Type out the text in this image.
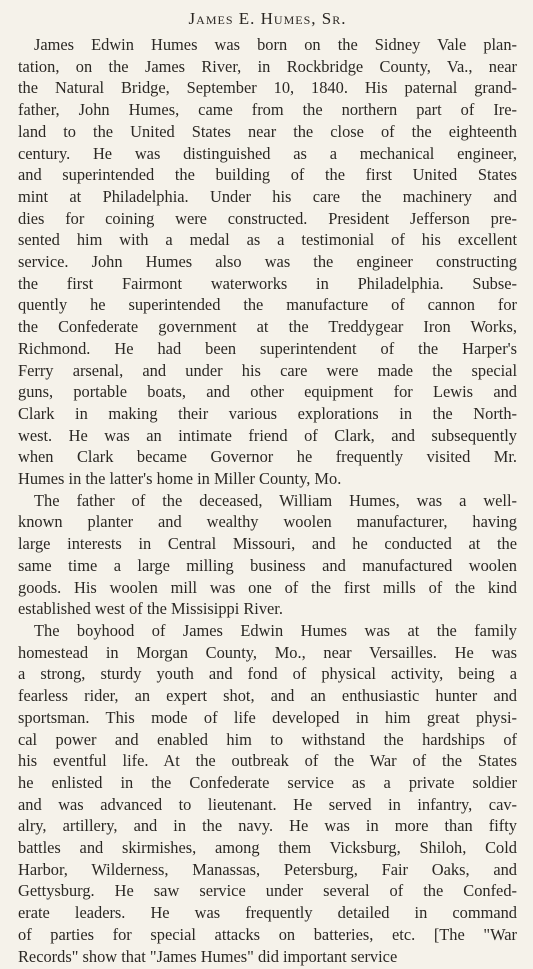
James E. Humes, Sr.

James Edwin Humes was born on the Sidney Vale plan-
tation, on the James River, in Rockbridge County, Va., near
the Natural Bridge, September 10, 1840. His paternal grand-
father, John Humes, came from the northern part of Ire-
land to the United States near the close of the eighteenth
century. He was distinguished as a mechanical engineer,
and superintended the building of the first United States
mint at Philadelphia. Under his care the machinery and
dies for coining were constructed. President Jefferson pre-
sented him with a medal as a testimonial of his excellent
service. John Humes also was the engineer constructing
the first Fairmont waterworks in Philadelphia. Subse-
quently he superintended the manufacture of cannon for
the Confederate government at the Treddygear Iron Works,
Richmond. He had been superintendent of the Harper's
Ferry arsenal, and under his care were made the special
guns, portable boats, and other equipment for Lewis and
Clark in making their various explorations in the North-
west. He was an intimate friend of Clark, and subsequently
when Clark became Governor he frequently visited Mr.
Humes in the latter's home in Miller County, Mo.

The father of the deceased, William Humes, was a well-
known planter and wealthy woolen manufacturer, having
large interests in Central Missouri, and he conducted at the
same time a large milling business and manufactured woolen
goods. His woolen mill was one of the first mills of the kind
established west of the Missisippi River.

The boyhood of James Edwin Humes was at the family
homestead in Morgan County, Mo., near Versailles. He was
a strong, sturdy youth and fond of physical activity, being a
fearless rider, an expert shot, and an enthusiastic hunter and
sportsman. This mode of life developed in him great physi-
cal power and enabled him to withstand the hardships of
his eventful life. At the outbreak of the War of the States
he enlisted in the Confederate service as a private soldier
and was advanced to lieutenant. He served in infantry, cav-
alry, artillery, and in the navy. He was in more than fifty
battles and skirmishes, among them Vicksburg, Shiloh, Cold
Harbor, Wilderness, Manassas, Petersburg, Fair Oaks, and
Gettysburg. He saw service under several of the Confed-
erate leaders. He was frequently detailed in command
of parties for special attacks on batteries, etc. [The "War
Records" show that "James Humes" did important service
